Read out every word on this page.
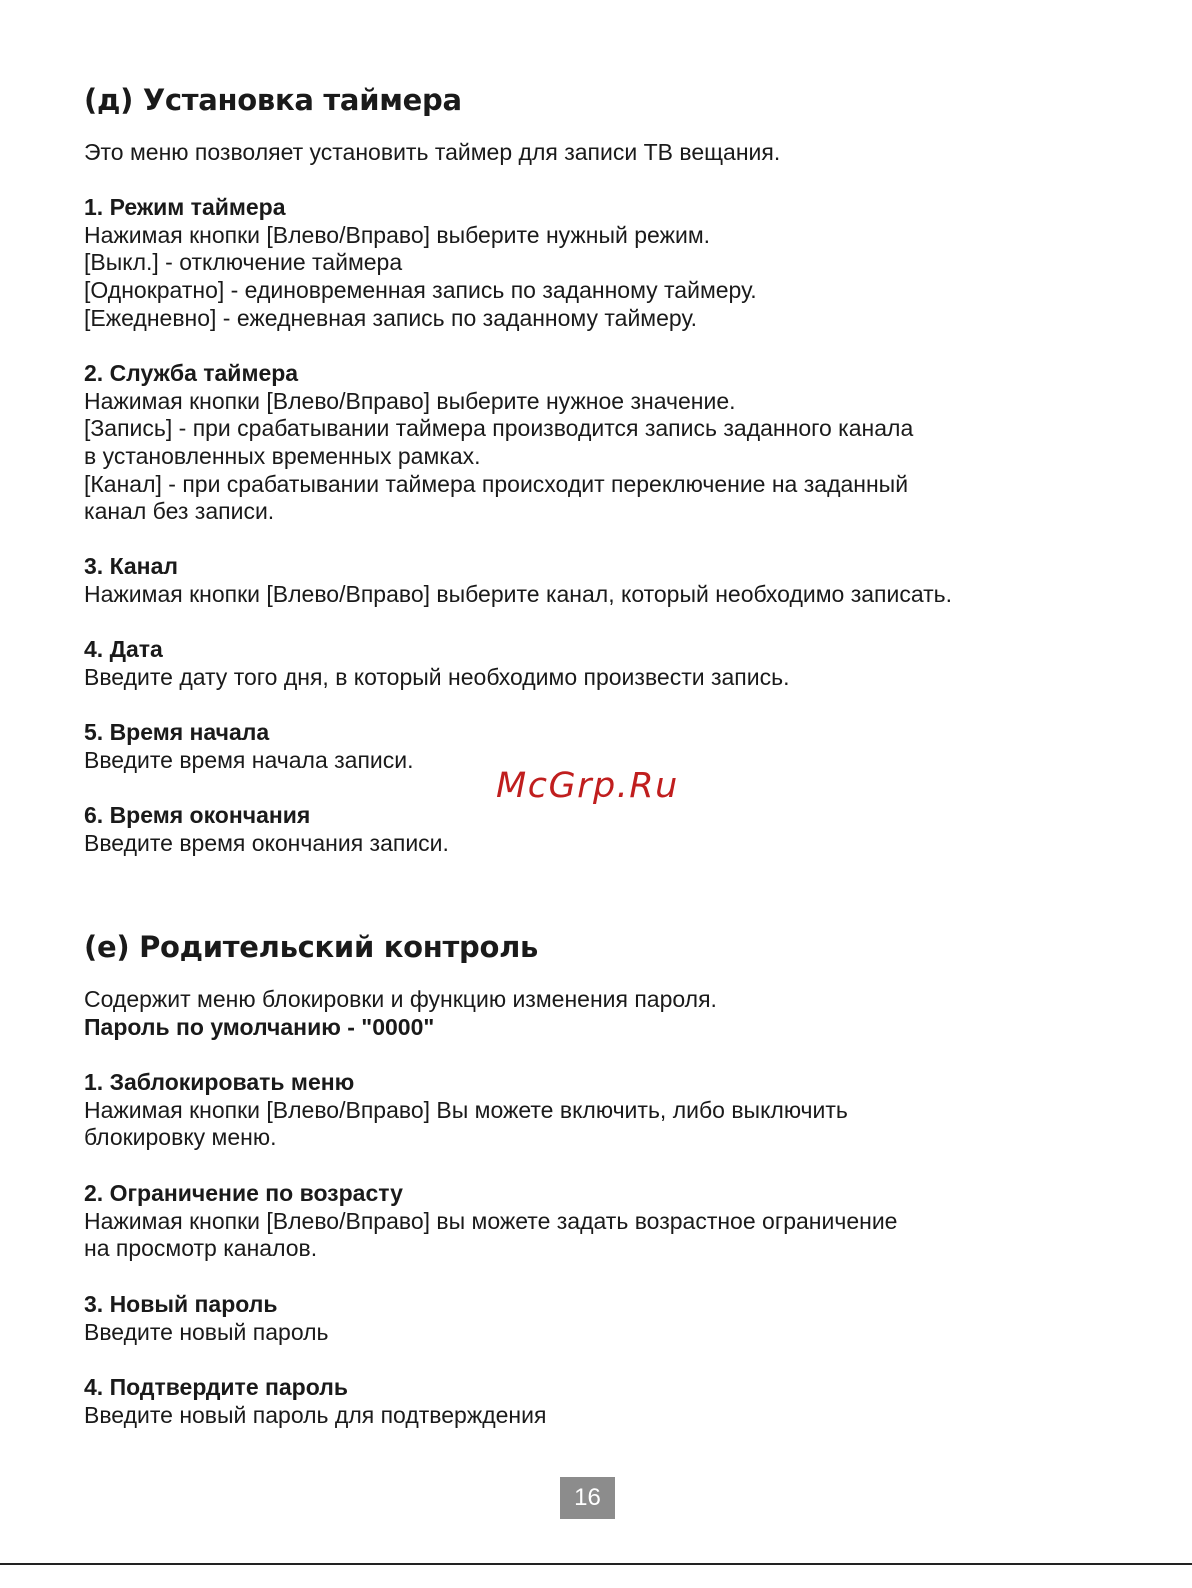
(д) Установка таймера
Это меню позволяет установить таймер для записи ТВ вещания.
1. Режим таймера
Нажимая кнопки [Влево/Вправо] выберите нужный режим.
[Выкл.] - отключение таймера
[Однократно] - единовременная запись по заданному таймеру.
[Ежедневно] - ежедневная запись по заданному таймеру.
2. Служба таймера
Нажимая кнопки [Влево/Вправо] выберите нужное значение.
[Запись] - при срабатывании таймера производится запись заданного канала
в установленных временных рамках.
[Канал] - при срабатывании таймера происходит переключение на заданный
канал без записи.
3. Канал
Нажимая кнопки [Влево/Вправо] выберите канал, который необходимо записать.
4. Дата
Введите дату того дня, в который необходимо произвести запись.
5. Время начала
Введите время начала записи.
6. Время окончания
Введите время окончания записи.
(е) Родительский контроль
Содержит меню блокировки и функцию изменения пароля.
Пароль по умолчанию - "0000"
1. Заблокировать меню
Нажимая кнопки [Влево/Вправо] Вы можете включить, либо выключить
блокировку меню.
2. Ограничение по возрасту
Нажимая кнопки [Влево/Вправо] вы можете задать возрастное ограничение
на просмотр каналов.
3. Новый пароль
Введите новый пароль
4. Подтвердите пароль
Введите новый пароль для подтверждения
McGrp.Ru
16
